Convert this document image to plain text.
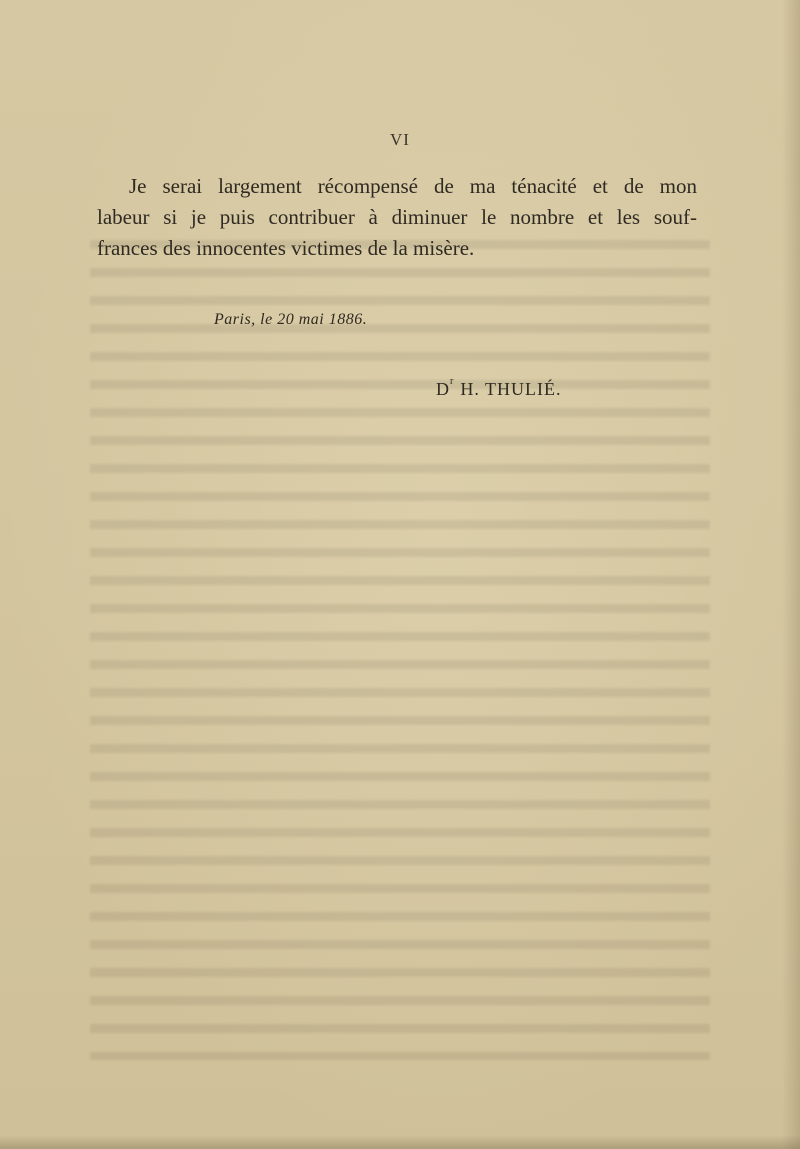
VI
Je serai largement récompensé de ma ténacité et de mon
labeur si je puis contribuer à diminuer le nombre et les souf-
frances des innocentes victimes de la misère.
Paris, le 20 mai 1886.
$D^r$ H. THULIÉ.
